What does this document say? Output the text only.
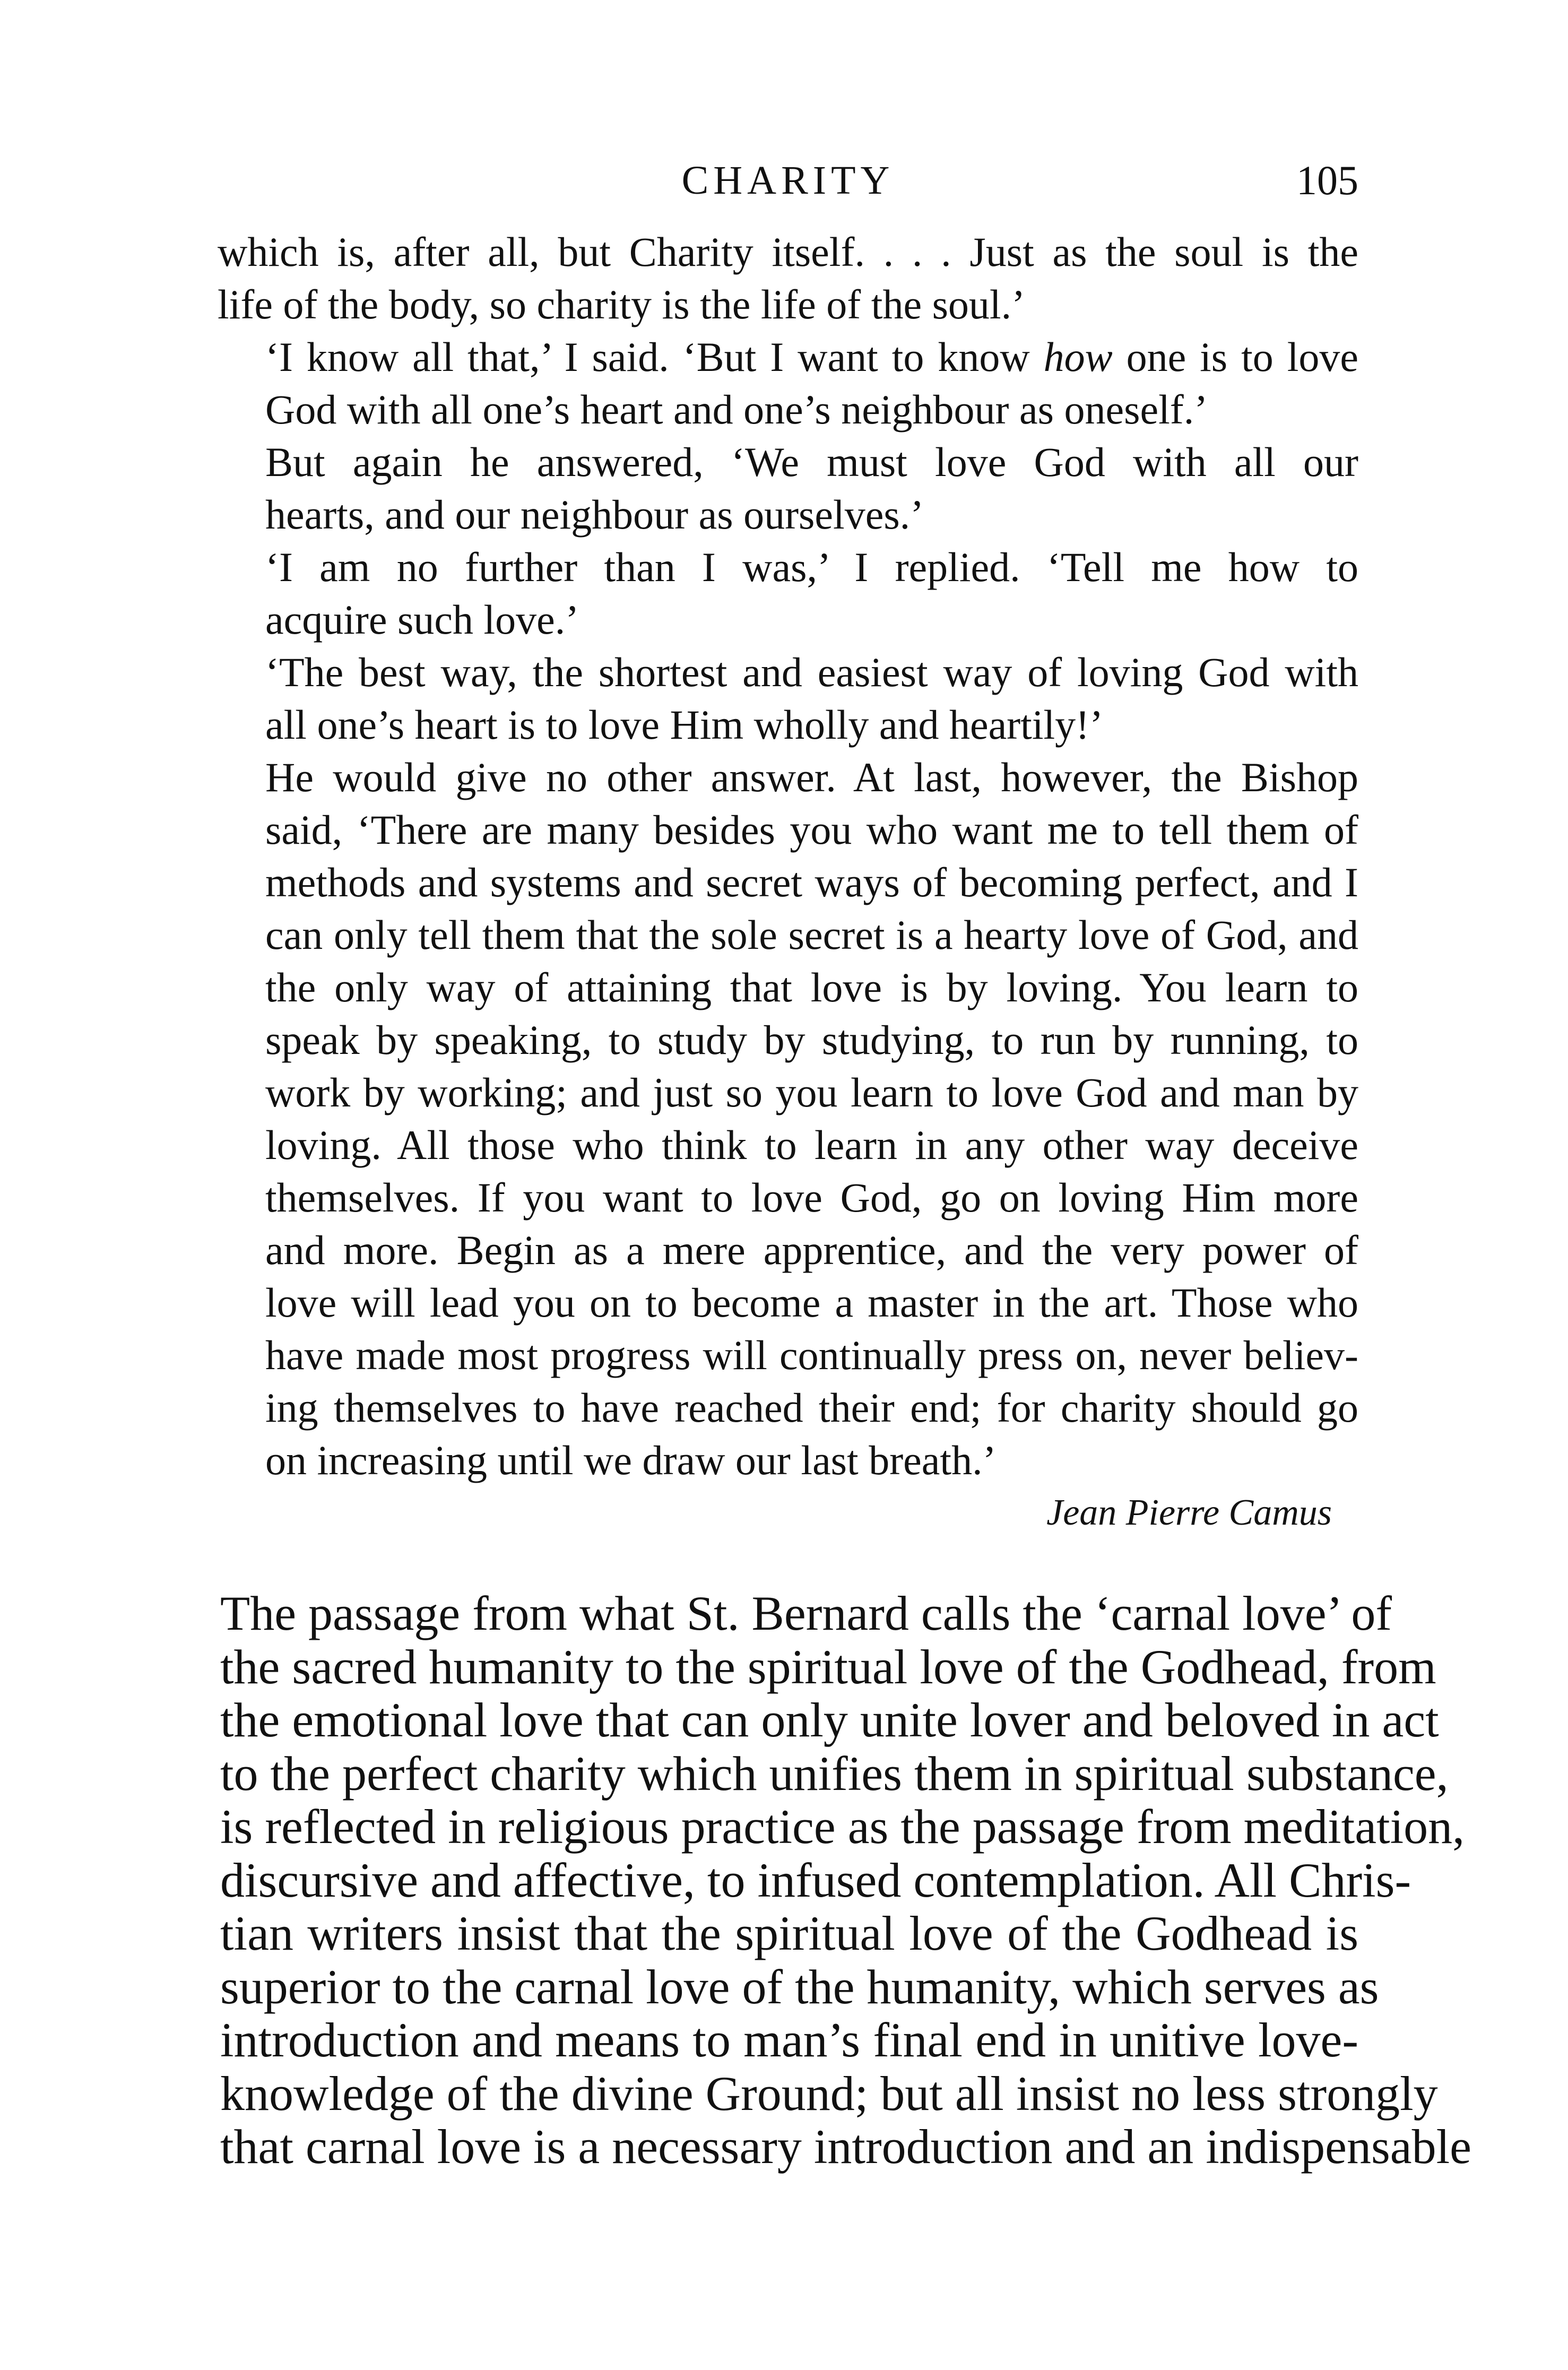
CHARITY	105

which is, after all, but Charity itself. . . . Just as the soul is the
life of the body, so charity is the life of the soul.’

‘I know all that,’ I said. ‘But I want to know how one is to love
God with all one’s heart and one’s neighbour as oneself.’

But again he answered, ‘We must love God with all our
hearts, and our neighbour as ourselves.’

‘I am no further than I was,’ I replied. ‘Tell me how to
acquire such love.’

‘The best way, the shortest and easiest way of loving God with
all one’s heart is to love Him wholly and heartily!’

He would give no other answer. At last, however, the Bishop
said, ‘There are many besides you who want me to tell them of
methods and systems and secret ways of becoming perfect, and I
can only tell them that the sole secret is a hearty love of God, and
the only way of attaining that love is by loving. You learn to
speak by speaking, to study by studying, to run by running, to
work by working; and just so you learn to love God and man by
loving. All those who think to learn in any other way deceive
themselves. If you want to love God, go on loving Him more
and more. Begin as a mere apprentice, and the very power of
love will lead you on to become a master in the art. Those who
have made most progress will continually press on, never believ-
ing themselves to have reached their end; for charity should go
on increasing until we draw our last breath.’

Jean Pierre Camus

The passage from what St. Bernard calls the ‘carnal love’ of
the sacred humanity to the spiritual love of the Godhead, from
the emotional love that can only unite lover and beloved in act
to the perfect charity which unifies them in spiritual substance,
is reflected in religious practice as the passage from meditation,
discursive and affective, to infused contemplation. All Chris-
tian writers insist that the spiritual love of the Godhead is
superior to the carnal love of the humanity, which serves as
introduction and means to man’s final end in unitive love-
knowledge of the divine Ground; but all insist no less strongly
that carnal love is a necessary introduction and an indispensable
